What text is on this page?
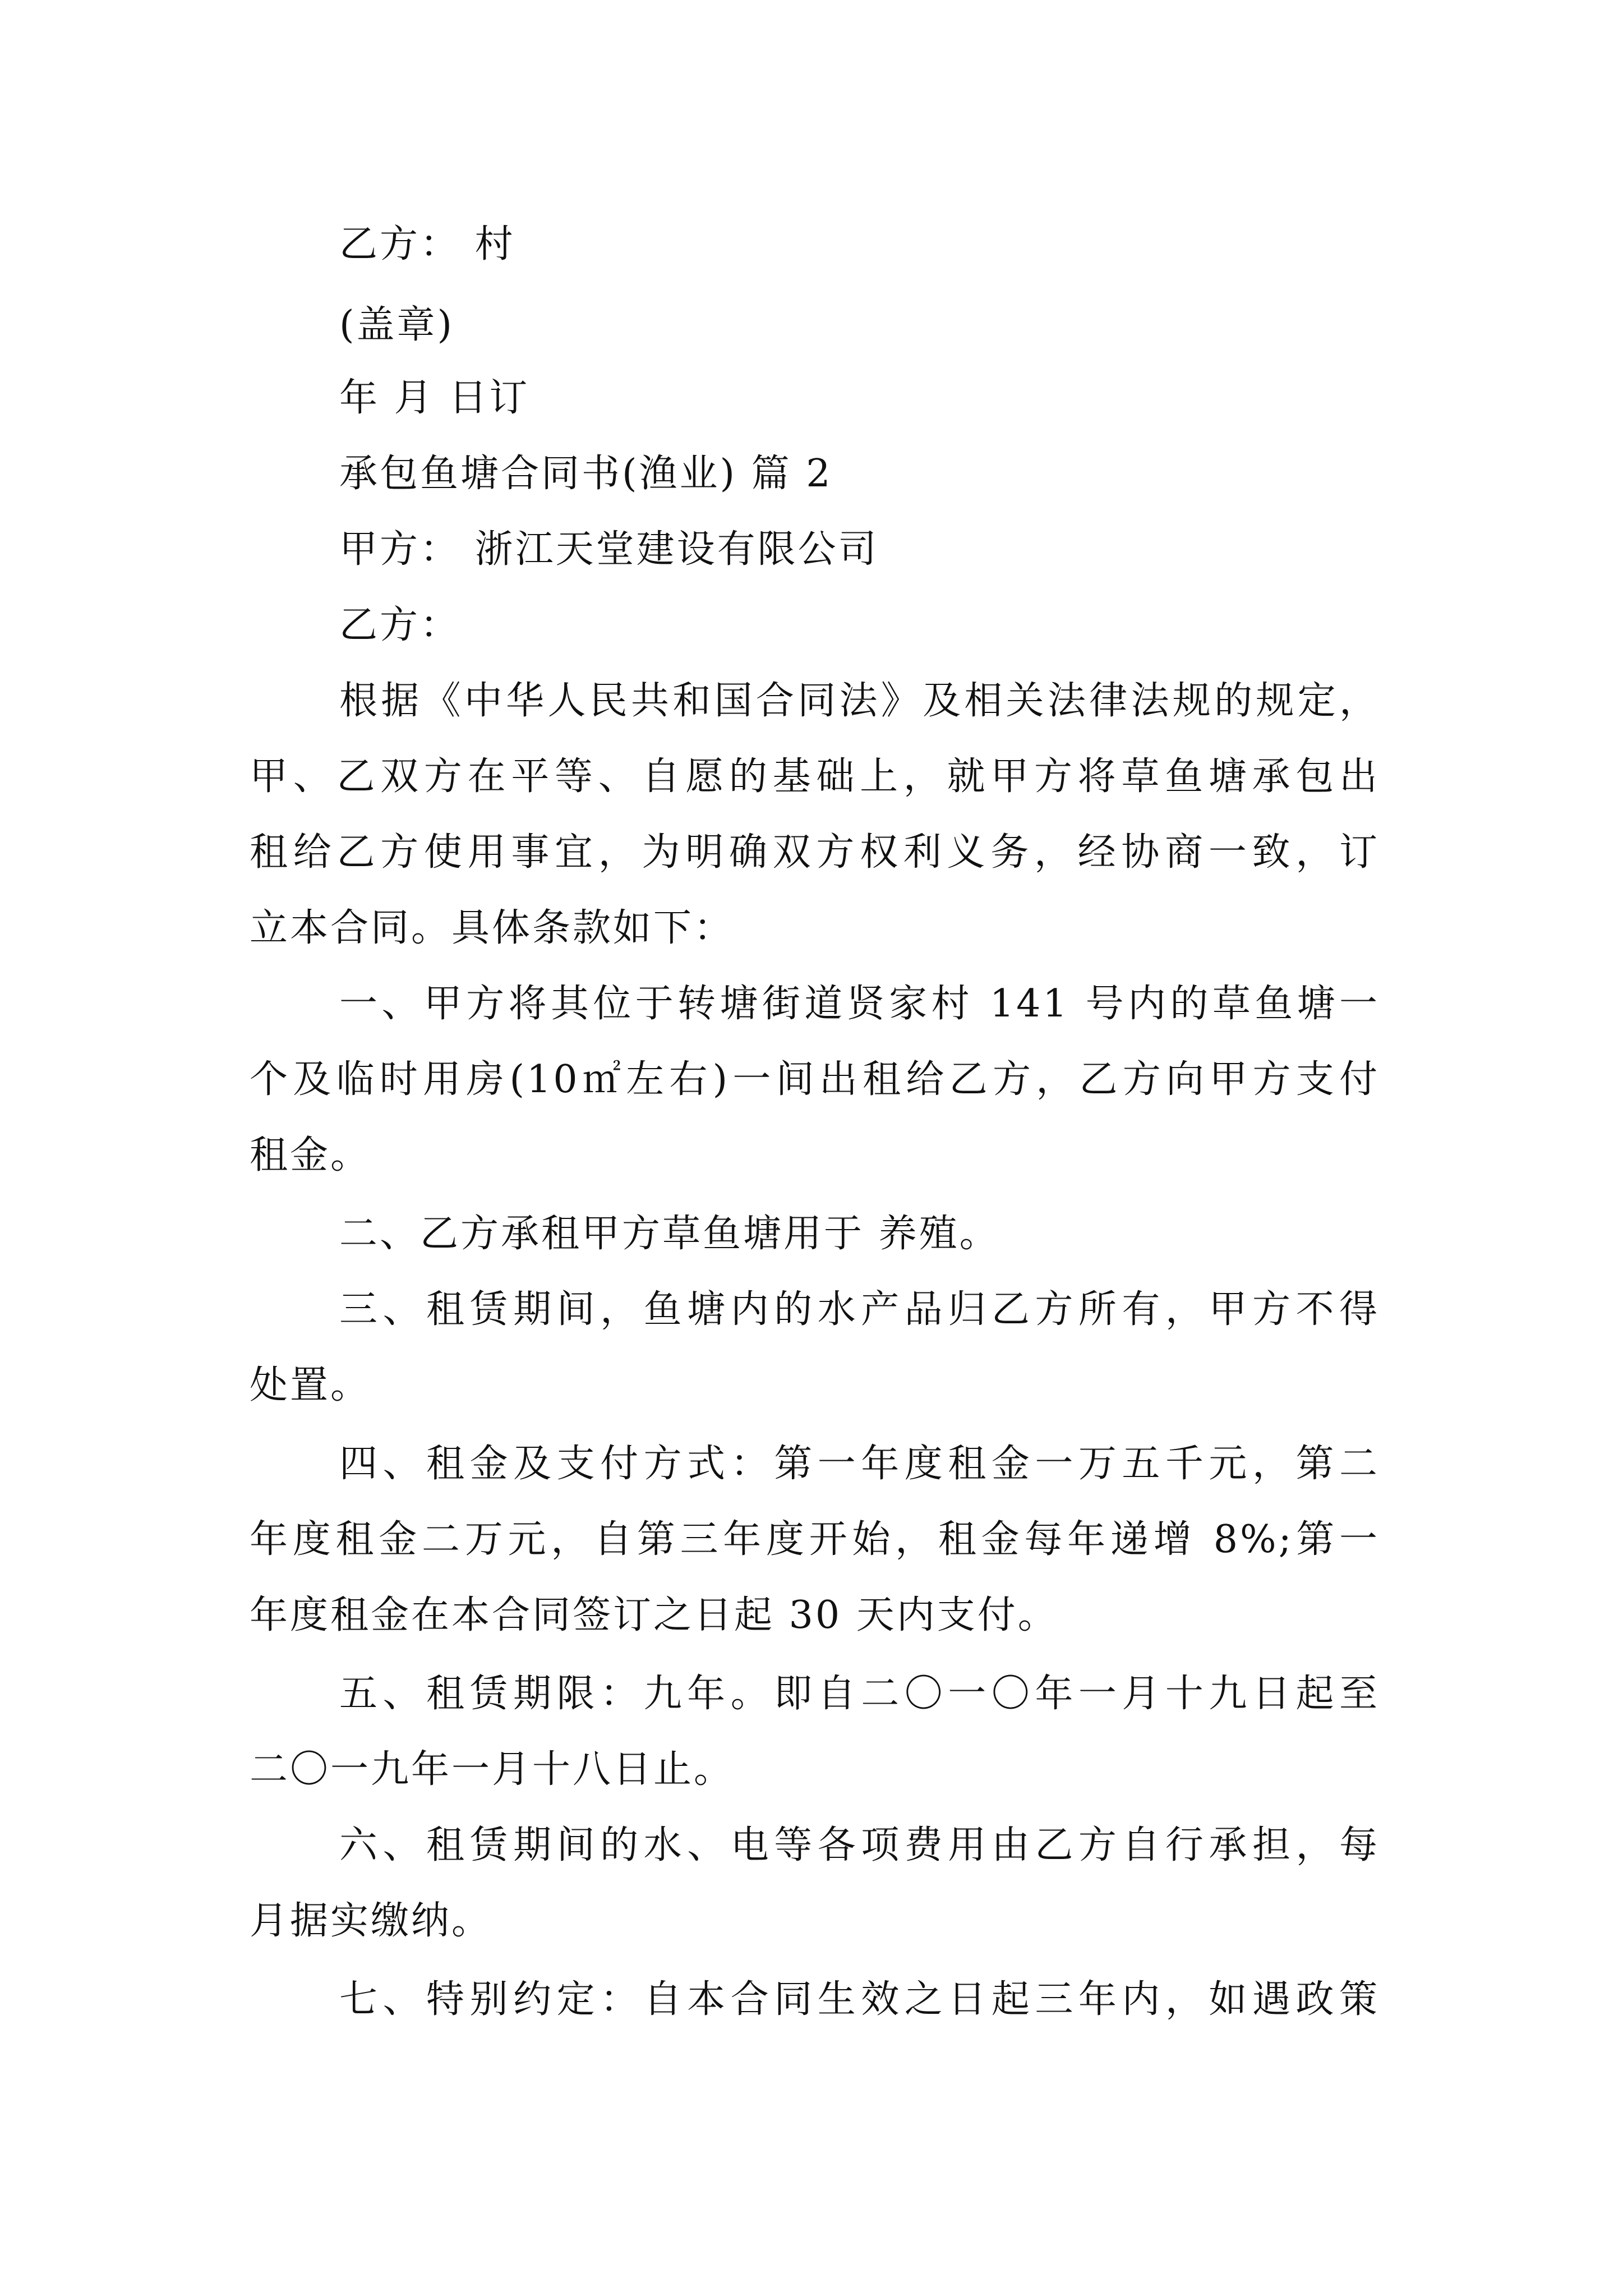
乙方： 村
(盖章)
年 月 日订
承包鱼塘合同书(渔业) 篇 2
甲方： 浙江天堂建设有限公司
乙方：
根据《中华人民共和国合同法》及相关法律法规的规定，
甲、乙双方在平等、自愿的基础上，就甲方将草鱼塘承包出
租给乙方使用事宜，为明确双方权利义务，经协商一致，订
立本合同。具体条款如下：
一、甲方将其位于转塘街道贤家村 141 号内的草鱼塘一
个及临时用房(10㎡左右)一间出租给乙方，乙方向甲方支付
租金。
二、乙方承租甲方草鱼塘用于 养殖。
三、租赁期间，鱼塘内的水产品归乙方所有，甲方不得
处置。
四、租金及支付方式：第一年度租金一万五千元，第二
年度租金二万元，自第三年度开始，租金每年递增 8%;第一
年度租金在本合同签订之日起 30 天内支付。
五、租赁期限：九年。即自二〇一〇年一月十九日起至
二〇一九年一月十八日止。
六、租赁期间的水、电等各项费用由乙方自行承担，每
月据实缴纳。
七、特别约定：自本合同生效之日起三年内，如遇政策
